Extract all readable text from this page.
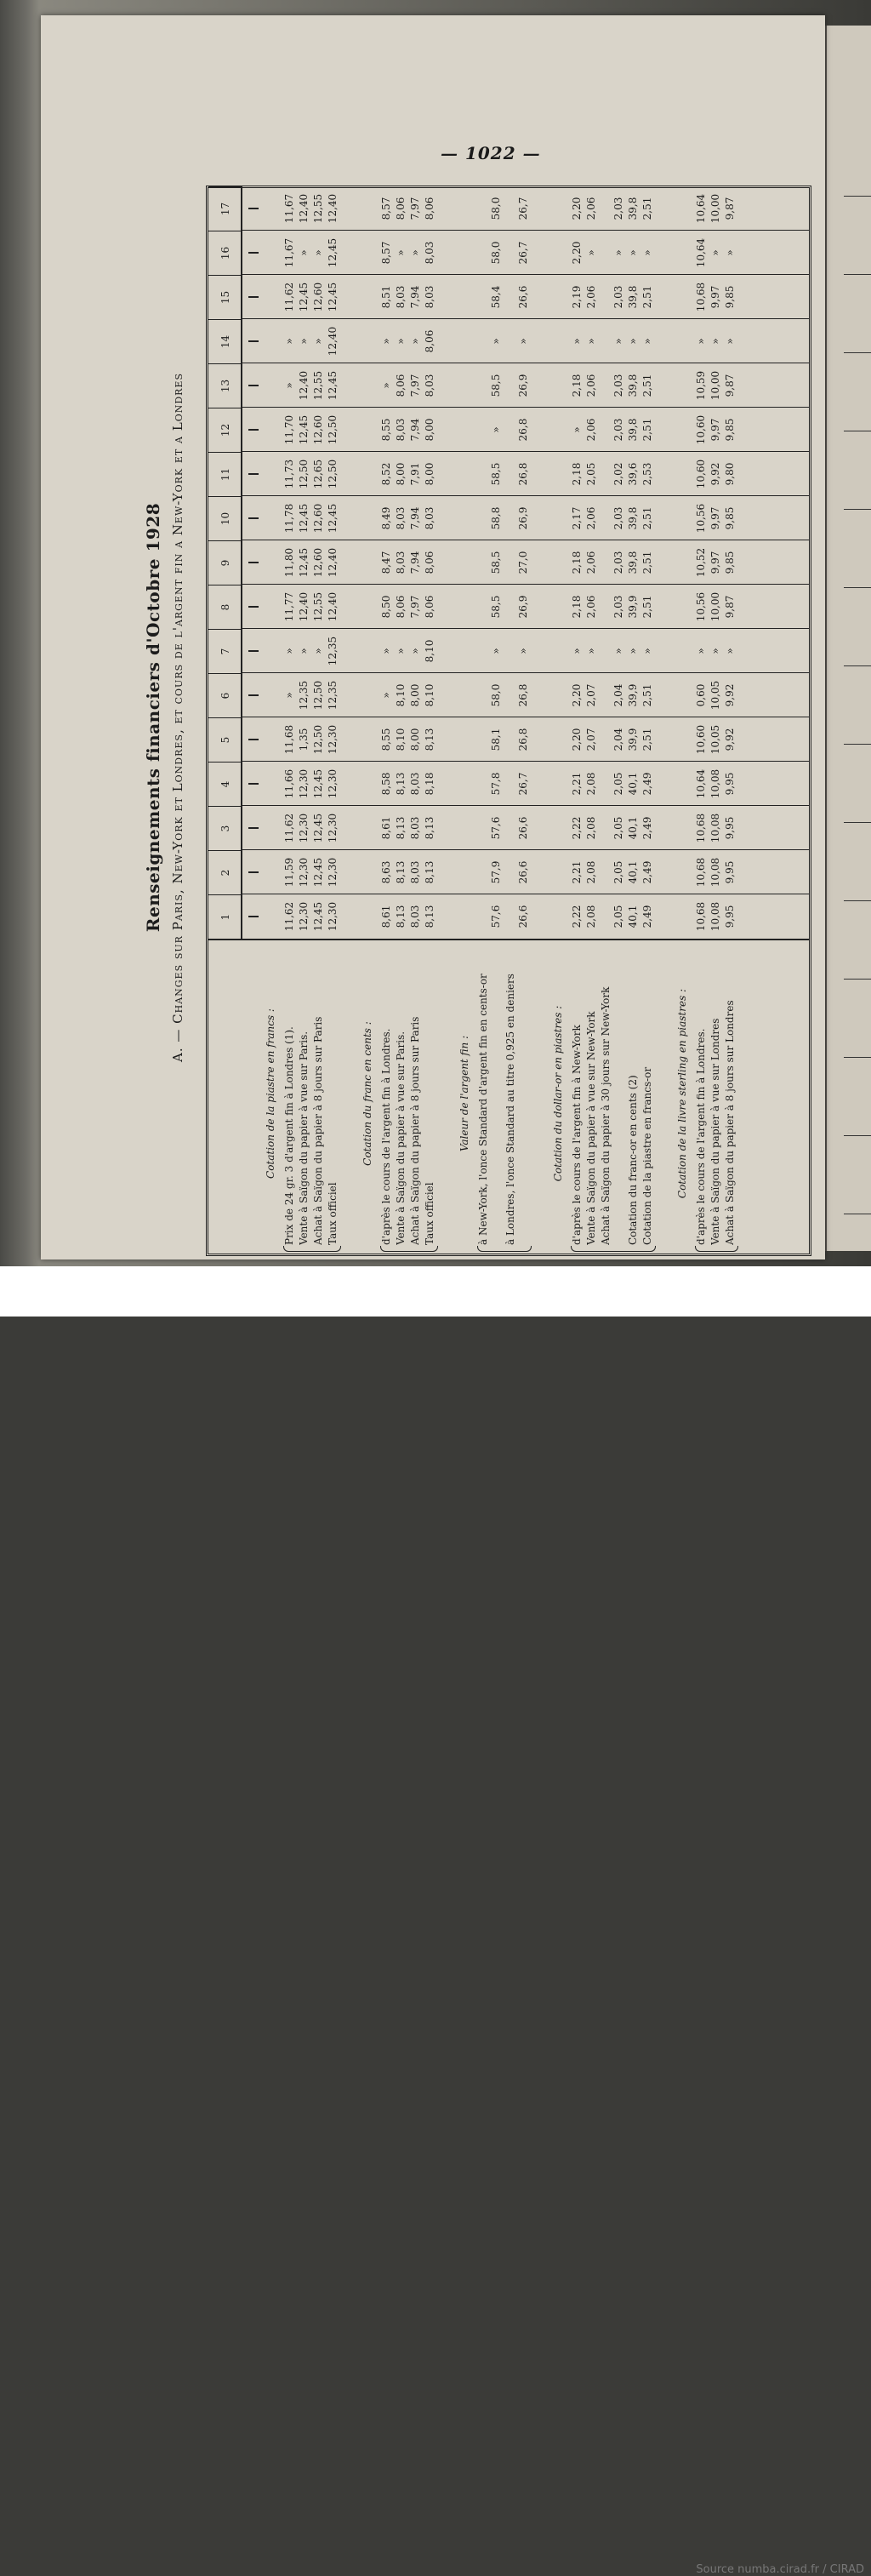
— 1022 —
Renseignements financiers d'Octobre 1928 A. — Changes sur Paris, New-York et Londres, et cours de l'argent fin a New-York et a Londres
Cotation de la piastre en francs : Prix de 24 gr. 3 d'argent fin à Londres (1). Vente à Saïgon du papier à vue sur Paris. Achat à Saïgon du papier à 8 jours sur Paris Taux officiel
Cotation du franc en cents : d'après le cours de l'argent fin à Londres. Vente à Saïgon du papier à vue sur Paris. Achat à Saïgon du papier à 8 jours sur Paris Taux officiel
Valeur de l'argent fin : à New-York, l'once Standard d'argent fin en cents-or à Londres, l'once Standard au titre 0,925 en deniers	Cotation du dollar-or en piastres : d'après le cours de l'argent fin à New-York Vente à Saïgon du papier à vue sur New-York Achat à Saïgon du papier à 30 jours sur New-York Cotation du franc-or en cents (2) Cotation de la piastre en francs-or Cotation de la livre sterling en piastres : d'après le cours de l'argent fin à Londres. Vente à Saïgon du papier à vue sur Londres Achat à Saïgon du papier à 8 jours sur Londres
1
2
3
4
5
6
7
8
9
10
11
12
13
14
15
16
17
11,62
11,59
11,62
11,66
11,68
»
»
11,77
11,80
11,78
11,73
11,70
»
»
11,62
11,67
11,67
12,30
12,30
12,30
12,30
1,35
12,35
»
12,40
12,45
12,45
12,50
12,45
12,40
»
12,45
»
12,40
12,45
12,45
12,45
12,45
12,50
12,50
»
12,55
12,60
12,60
12,65
12,60
12,55
»
12,60
»
12,55
12,30
12,30
12,30
12,30
12,30
12,35
12,35
12,40
12,40
12,45
12,50
12,50
12,45
12,40
12,45
12,45
12,40
8,61
8,63
8,61
8,58
8,55
»
»
8,50
8,47
8,49
8,52
8,55
»
»
8,51
8,57
8,57
8,13
8,13
8,13
8,13
8,10
8,10
»
8,06
8,03
8,03
8,00
8,03
8,06
»
8,03
»
8,06
8,03
8,03
8,03
8,03
8,00
8,00
»
7,97
7,94
7,94
7,91
7,94
7,97
»
7,94
»
7,97
8,13
8,13
8,13
8,18
8,13
8,10
8,10
8,06
8,06
8,03
8,00
8,00
8,03
8,06
8,03
8,03
8,06
57,6
57,9
57,6
57,8
58,1
58,0
»
58,5
58,5
58,8
58,5
»
58,5
»
58,4
58,0
58,0
26,6
26,6
26,6
26,7
26,8
26,8
»
26,9
27,0
26,9
26,8
26,8
26,9
»
26,6
26,7
26,7
2,22
2,21
2,22
2,21
2,20
2,20
»
2,18
2,18
2,17
2,18
»
2,18
»
2,19
2,20
2,20
2,08
2,08
2,08
2,08
2,07
2,07
»
2,06
2,06
2,06
2,05
2,06
2,06
»
2,06
»
2,06
2,05
2,05
2,05
2,05
2,04
2,04
»
2,03
2,03
2,03
2,02
2,03
2,03
»
2,03
»
2,03
40,1
40,1
40,1
40,1
39,9
39,9
»
39,9
39,8
39,8
39,6
39,8
39,8
»
39,8
»
39,8
2,49
2,49
2,49
2,49
2,51
2,51
»
2,51
2,51
2,51
2,53
2,51
2,51
»
2,51
»
2,51
10,68
10,68
10,68
10,64
10,60
0,60
»
10,56
10,52
10,56
10,60
10,60
10,59
»
10,68
10,64
10,64
10,08
10,08
10,08
10,08
10,05
10,05
»
10,00
9,97
9,97
9,92
9,97
10,00
»
9,97
»
10,00
9,95
9,95
9,95
9,95
9,92
9,92
»
9,87
9,85
9,85
9,80
9,85
9,87
»
9,85
»
9,87
Source numba.cirad.fr / CIRAD
